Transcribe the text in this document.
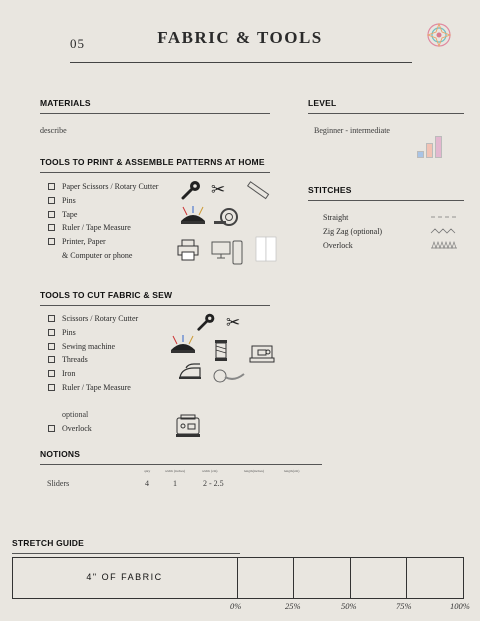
05	FABRIC & TOOLS
MATERIALS
describe
LEVEL
Beginner - intermediate
TOOLS TO PRINT & ASSEMBLE PATTERNS AT HOME
Paper Scissors / Rotary Cutter
Pins
Tape
Ruler / Tape Measure
Printer, Paper
& Computer or phone
✂	STITCHES
Straight
Zig Zag (optional)
Overlock
TOOLS TO CUT FABRIC & SEW
Scissors / Rotary Cutter
Pins
Sewing machine
Threads
Iron
Ruler / Tape Measure
✂
optional
Overlock
NOTIONS
qnty	width (inches)	width (cm)	length(inches)	length(cm)
Sliders	4	1	2 - 2.5
STRETCH GUIDE
4" OF FABRIC
0%	25%	50%	75%	100%
